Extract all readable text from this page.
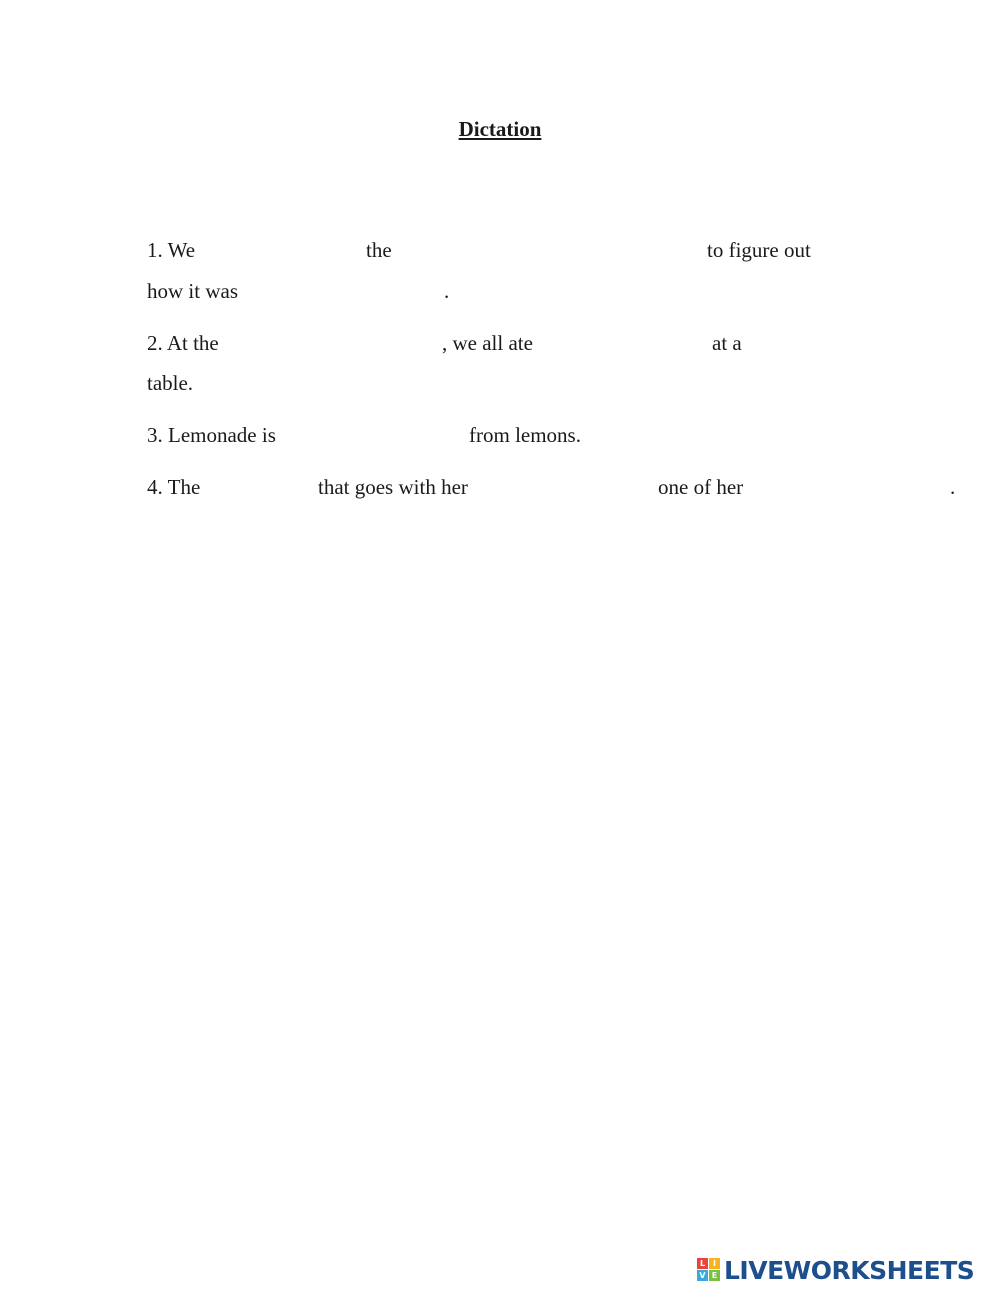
Dictation
1. We	the	to figure out
how it was	.
2. At the	, we all ate	at a
table.
3. Lemonade is	from lemons.
4. The	that goes with her	one of her	.
L I
V E LIVEWORKSHEETS
